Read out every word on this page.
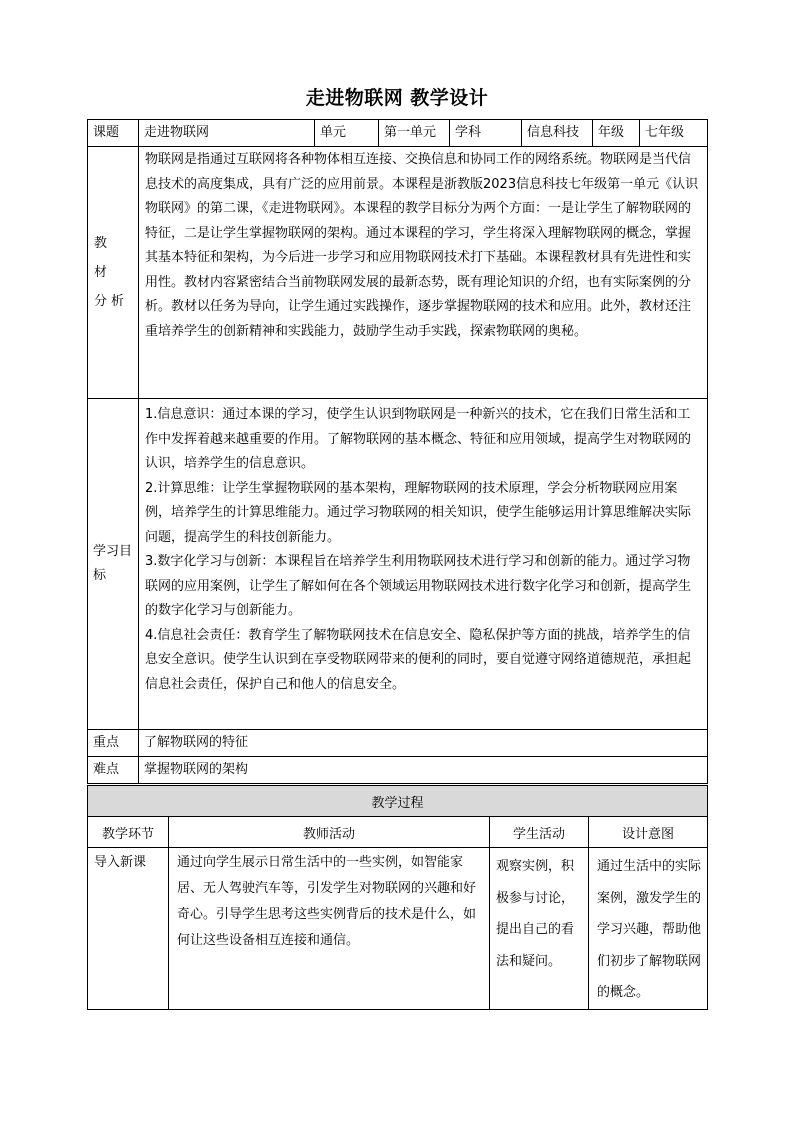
走进物联网 教学设计
课题	走进物联网	单元	第一单元	学科	信息科技	年级	七年级
教 材 分析	物联网是指通过互联网将各种物体相互连接、交换信息和协同工作的网络系统。物联网是当代信息技术的高度集成，具有广泛的应用前景。本课程是浙教版2023信息科技七年级第一单元《认识物联网》的第二课，《走进物联网》。本课程的教学目标分为两个方面：一是让学生了解物联网的特征，二是让学生掌握物联网的架构。通过本课程的学习，学生将深入理解物联网的概念，掌握其基本特征和架构，为今后进一步学习和应用物联网技术打下基础。本课程教材具有先进性和实用性。教材内容紧密结合当前物联网发展的最新态势，既有理论知识的介绍，也有实际案例的分析。教材以任务为导向，让学生通过实践操作，逐步掌握物联网的技术和应用。此外，教材还注重培养学生的创新精神和实践能力，鼓励学生动手实践，探索物联网的奥秘。						

学习目标	1.信息意识：通过本课的学习，使学生认识到物联网是一种新兴的技术，它在我们日常生活和工作中发挥着越来越重要的作用。了解物联网的基本概念、特征和应用领域，提高学生对物联网的认识，培养学生的信息意识。
2.计算思维：让学生掌握物联网的基本架构，理解物联网的技术原理，学会分析物联网应用案例，培养学生的计算思维能力。通过学习物联网的相关知识，使学生能够运用计算思维解决实际问题，提高学生的科技创新能力。
3.数字化学习与创新：本课程旨在培养学生利用物联网技术进行学习和创新的能力。通过学习物联网的应用案例，让学生了解如何在各个领域运用物联网技术进行数字化学习和创新，提高学生的数字化学习与创新能力。
4.信息社会责任：教育学生了解物联网技术在信息安全、隐私保护等方面的挑战，培养学生的信息安全意识。使学生认识到在享受物联网带来的便利的同时，要自觉遵守网络道德规范，承担起信息社会责任，保护自己和他人的信息安全。						

重点	了解物联网的特征						
难点	掌握物联网的架构						
教学过程			
教学环节	教师活动	学生活动	设计意图

导入新课	通过向学生展示日常生活中的一些实例，如智能家居、无人驾驶汽车等，引发学生对物联网的兴趣和好奇心。引导学生思考这些实例背后的技术是什么，如何让这些设备相互连接和通信。	观察实例，积极参与讨论，提出自己的看法和疑问。	通过生活中的实际案例，激发学生的学习兴趣，帮助他们初步了解物联网的概念。
